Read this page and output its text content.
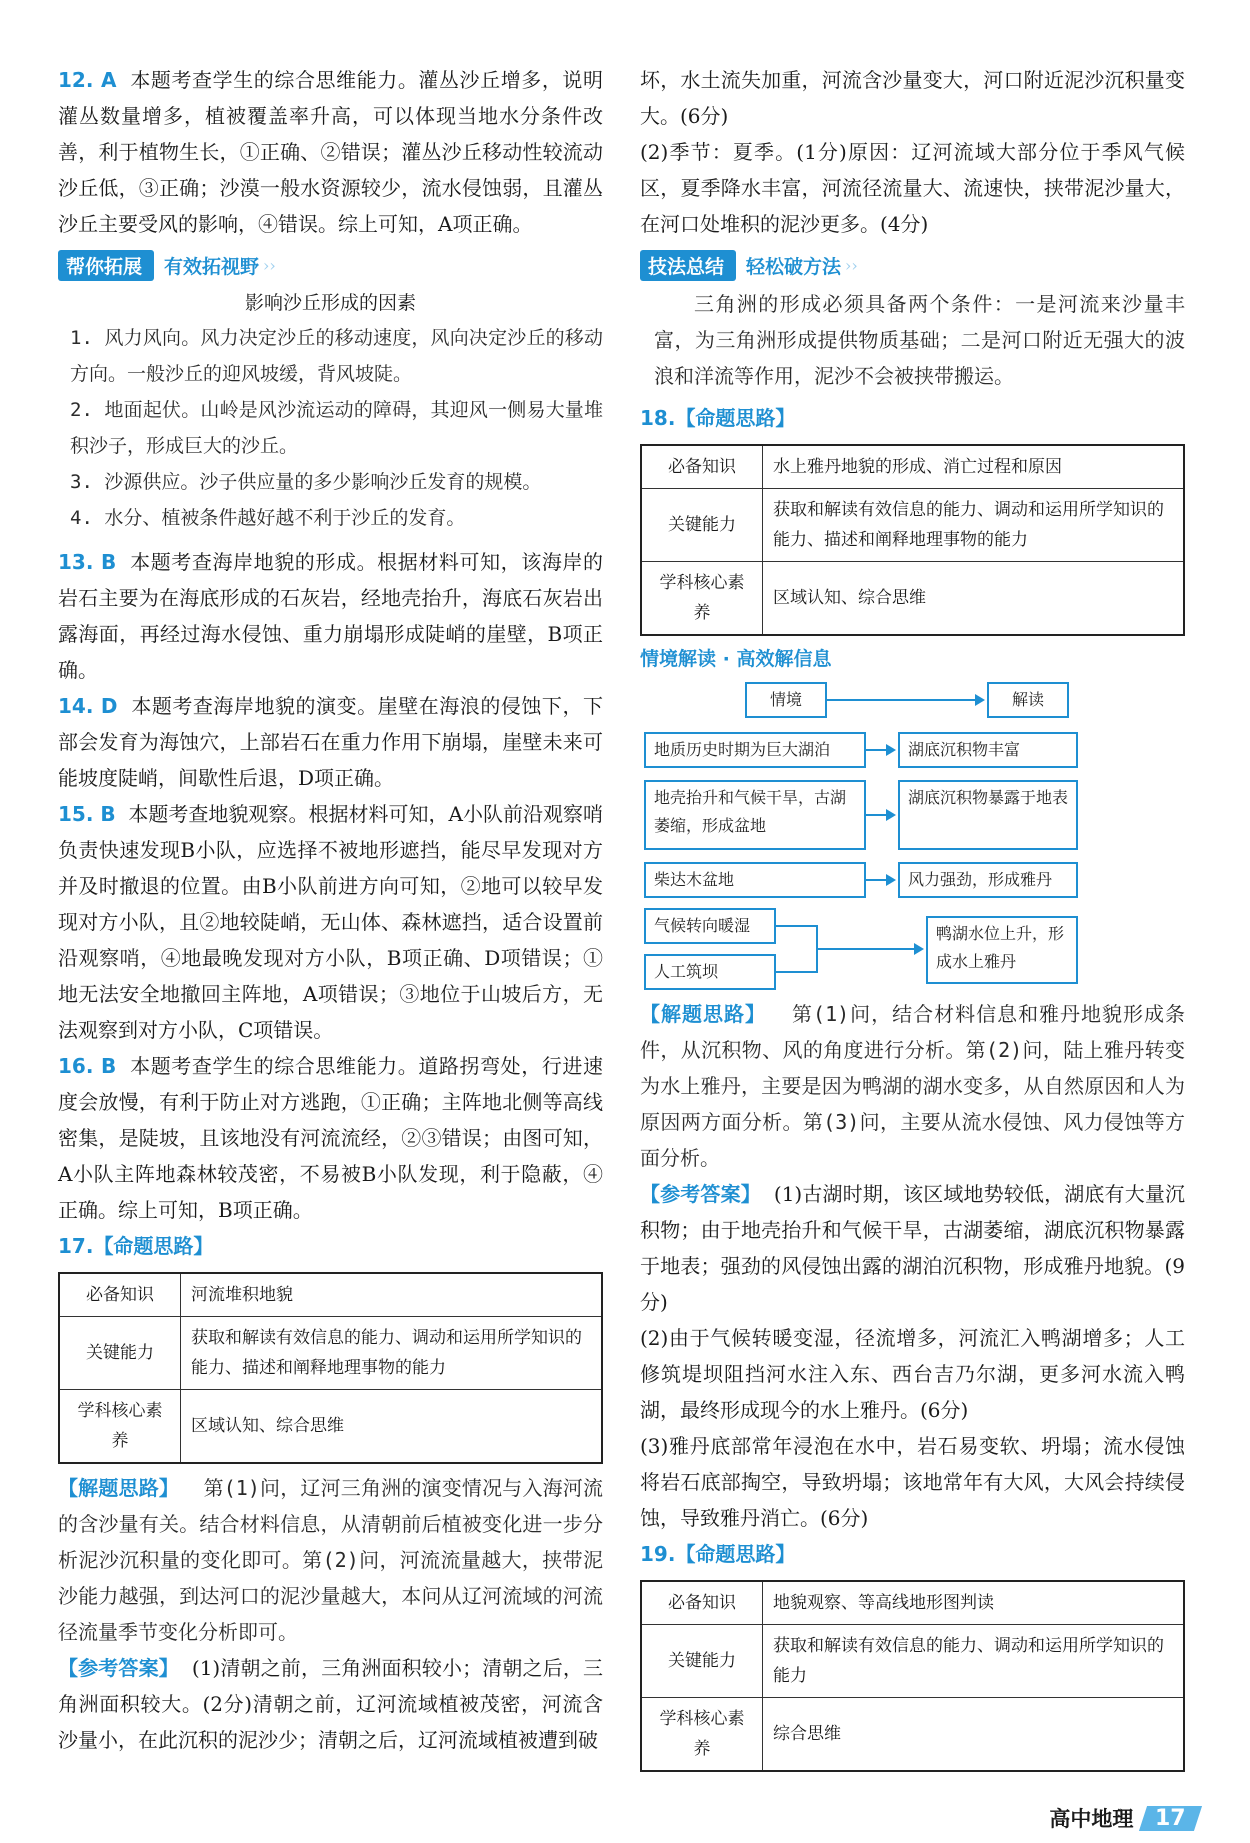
12. A 本题考查学生的综合思维能力。灌丛沙丘增多，说明灌丛数量增多，植被覆盖率升高，可以体现当地水分条件改善，利于植物生长，①正确、②错误；灌丛沙丘移动性较流动沙丘低，③正确；沙漠一般水资源较少，流水侵蚀弱，且灌丛沙丘主要受风的影响，④错误。综上可知，A项正确。

帮你拓展	有效拓视野 ››
影响沙丘形成的因素

1. 风力风向。风力决定沙丘的移动速度，风向决定沙丘的移动方向。一般沙丘的迎风坡缓，背风坡陡。

2. 地面起伏。山岭是风沙流运动的障碍，其迎风一侧易大量堆积沙子，形成巨大的沙丘。

3. 沙源供应。沙子供应量的多少影响沙丘发育的规模。

4. 水分、植被条件越好越不利于沙丘的发育。

13. B 本题考查海岸地貌的形成。根据材料可知，该海岸的岩石主要为在海底形成的石灰岩，经地壳抬升，海底石灰岩出露海面，再经过海水侵蚀、重力崩塌形成陡峭的崖壁，B项正确。

14. D 本题考查海岸地貌的演变。崖壁在海浪的侵蚀下，下部会发育为海蚀穴，上部岩石在重力作用下崩塌，崖壁未来可能坡度陡峭，间歇性后退，D项正确。

15. B 本题考查地貌观察。根据材料可知，A小队前沿观察哨负责快速发现B小队，应选择不被地形遮挡，能尽早发现对方并及时撤退的位置。由B小队前进方向可知，②地可以较早发现对方小队，且②地较陡峭，无山体、森林遮挡，适合设置前沿观察哨，④地最晚发现对方小队，B项正确、D项错误；①地无法安全地撤回主阵地，A项错误；③地位于山坡后方，无法观察到对方小队，C项错误。

16. B 本题考查学生的综合思维能力。道路拐弯处，行进速度会放慢，有利于防止对方逃跑，①正确；主阵地北侧等高线密集，是陡坡，且该地没有河流流经，②③错误；由图可知，A小队主阵地森林较茂密，不易被B小队发现，利于隐蔽，④正确。综上可知，B项正确。

17.【命题思路】

必备知识	河流堆积地貌
关键能力	获取和解读有效信息的能力、调动和运用所学知识的能力、描述和阐释地理事物的能力
学科核心素养	区域认知、综合思维

【解题思路】 第(1)问，辽河三角洲的演变情况与入海河流的含沙量有关。结合材料信息，从清朝前后植被变化进一步分析泥沙沉积量的变化即可。第(2)问，河流流量越大，挟带泥沙能力越强，到达河口的泥沙量越大，本问从辽河流域的河流径流量季节变化分析即可。

【参考答案】 (1)清朝之前，三角洲面积较小；清朝之后，三角洲面积较大。(2分)清朝之前，辽河流域植被茂密，河流含沙量小，在此沉积的泥沙少；清朝之后，辽河流域植被遭到破

坏，水土流失加重，河流含沙量变大，河口附近泥沙沉积量变大。(6分)

(2)季节：夏季。(1分)原因：辽河流域大部分位于季风气候区，夏季降水丰富，河流径流量大、流速快，挟带泥沙量大，在河口处堆积的泥沙更多。(4分)

技法总结	轻松破方法 ››

三角洲的形成必须具备两个条件：一是河流来沙量丰富，为三角洲形成提供物质基础；二是河口附近无强大的波浪和洋流等作用，泥沙不会被挟带搬运。

18.【命题思路】

必备知识	水上雅丹地貌的形成、消亡过程和原因
关键能力	获取和解读有效信息的能力、调动和运用所学知识的能力、描述和阐释地理事物的能力
学科核心素养	区域认知、综合思维
情境解读 · 高效解信息
情境	解读
地质历史时期为巨大湖泊	湖底沉积物丰富
地壳抬升和气候干旱，古湖萎缩，形成盆地
湖底沉积物暴露于地表
柴达木盆地	风力强劲，形成雅丹
气候转向暖湿
人工筑坝
鸭湖水位上升，形成水上雅丹

【解题思路】 第(1)问，结合材料信息和雅丹地貌形成条件，从沉积物、风的角度进行分析。第(2)问，陆上雅丹转变为水上雅丹，主要是因为鸭湖的湖水变多，从自然原因和人为原因两方面分析。第(3)问，主要从流水侵蚀、风力侵蚀等方面分析。

【参考答案】 (1)古湖时期，该区域地势较低，湖底有大量沉积物；由于地壳抬升和气候干旱，古湖萎缩，湖底沉积物暴露于地表；强劲的风侵蚀出露的湖泊沉积物，形成雅丹地貌。(9分)

(2)由于气候转暖变湿，径流增多，河流汇入鸭湖增多；人工修筑堤坝阻挡河水注入东、西台吉乃尔湖，更多河水流入鸭湖，最终形成现今的水上雅丹。(6分)

(3)雅丹底部常年浸泡在水中，岩石易变软、坍塌；流水侵蚀将岩石底部掏空，导致坍塌；该地常年有大风，大风会持续侵蚀，导致雅丹消亡。(6分)

19.【命题思路】

必备知识	地貌观察、等高线地形图判读
关键能力	获取和解读有效信息的能力、调动和运用所学知识的能力
学科核心素养	综合思维
高中地理	17
